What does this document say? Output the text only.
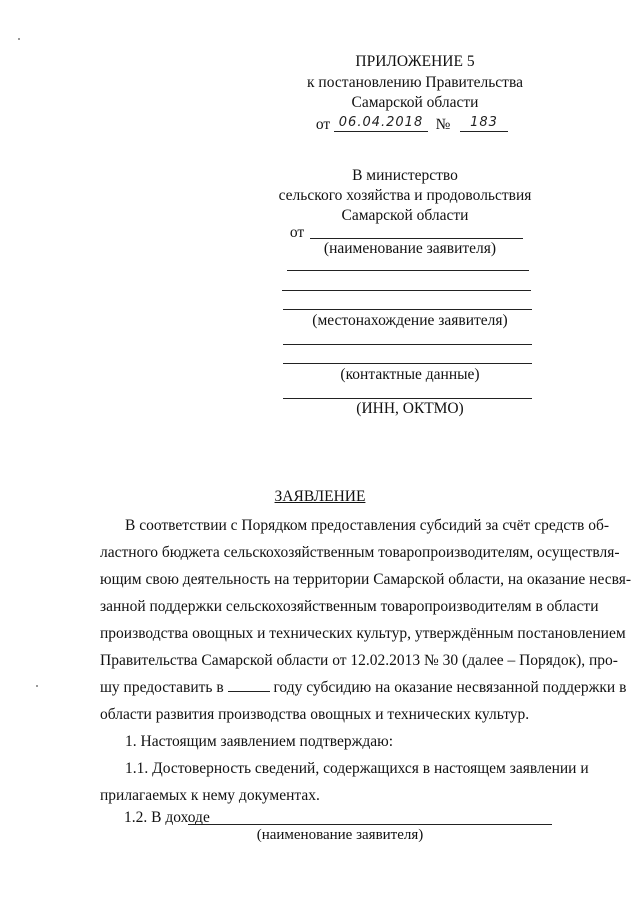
ПРИЛОЖЕНИЕ 5
к постановлению Правительства
Самарской области
от 06.04.2018 №	183
В министерство
сельского хозяйства и продовольствия
Самарской области
от
(наименование заявителя)
(местонахождение заявителя)
(контактные данные)
(ИНН, ОКТМО)
ЗАЯВЛЕНИЕ
В соответствии с Порядком предоставления субсидий за счёт средств об-
ластного бюджета сельскохозяйственным товаропроизводителям, осуществля-
ющим свою деятельность на территории Самарской области, на оказание несвя-
занной поддержки сельскохозяйственным товаропроизводителям в области
производства овощных и технических культур, утверждённым постановлением
Правительства Самарской области от 12.02.2013 № 30 (далее – Порядок), про-
шу предоставить в	году субсидию на оказание несвязанной поддержки в
области развития производства овощных и технических культур.
1. Настоящим заявлением подтверждаю:
1.1. Достоверность сведений, содержащихся в настоящем заявлении и
прилагаемых к нему документах.
1.2. В доходе
(наименование заявителя)
